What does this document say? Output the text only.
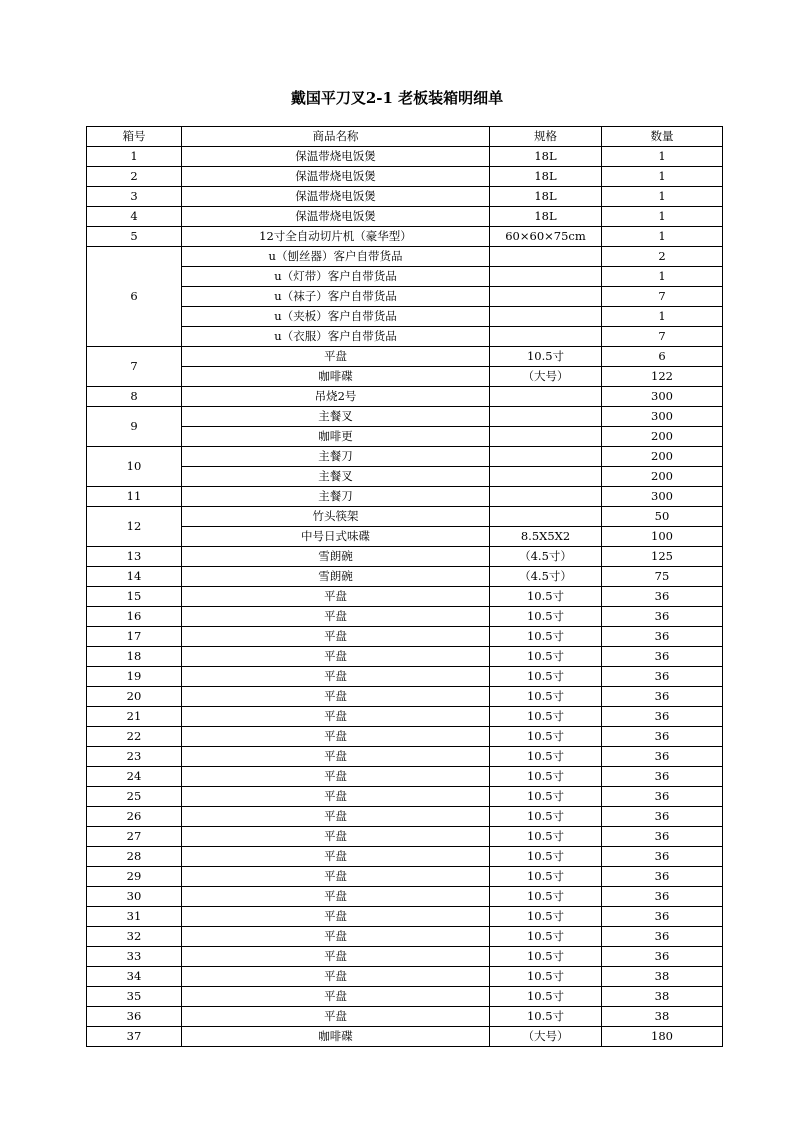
戴国平刀叉2-1 老板装箱明细单
箱号	商品名称	规格	数量
1	保温带烧电饭煲	18L	1
2	保温带烧电饭煲	18L	1
3	保温带烧电饭煲	18L	1
4	保温带烧电饭煲	18L	1
5	12寸全自动切片机（豪华型）	60×60×75cm	1
6	u（刨丝器）客户自带货品		2
	u（灯带）客户自带货品		1
	u（袜子）客户自带货品		7
	u（夹板）客户自带货品		1
	u（衣服）客户自带货品		7
7	平盘	10.5寸	6
	咖啡碟	（大号）	122
8	吊烧2号		300
9	主餐叉		300
	咖啡更		200
10	主餐刀		200
	主餐叉		200
11	主餐刀		300
12	竹头筷架		50
	中号日式味碟	8.5X5X2	100
13	雪朗碗	（4.5寸）	125
14	雪朗碗	（4.5寸）	75
15	平盘	10.5寸	36
16	平盘	10.5寸	36
17	平盘	10.5寸	36
18	平盘	10.5寸	36
19	平盘	10.5寸	36
20	平盘	10.5寸	36
21	平盘	10.5寸	36
22	平盘	10.5寸	36
23	平盘	10.5寸	36
24	平盘	10.5寸	36
25	平盘	10.5寸	36
26	平盘	10.5寸	36
27	平盘	10.5寸	36
28	平盘	10.5寸	36
29	平盘	10.5寸	36
30	平盘	10.5寸	36
31	平盘	10.5寸	36
32	平盘	10.5寸	36
33	平盘	10.5寸	36
34	平盘	10.5寸	38
35	平盘	10.5寸	38
36	平盘	10.5寸	38
37	咖啡碟	（大号）	180
